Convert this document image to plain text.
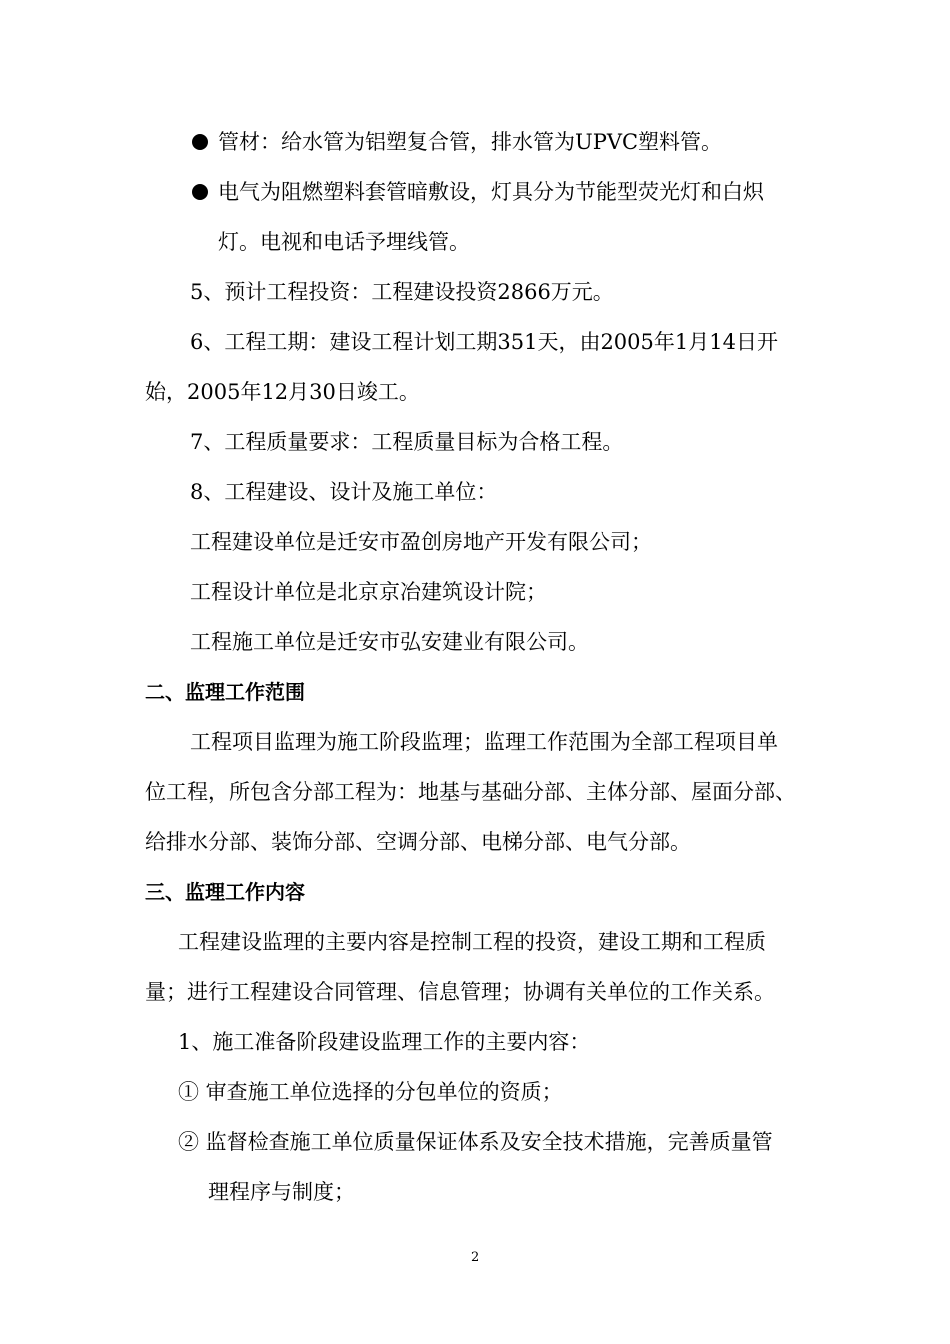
管材：给水管为铝塑复合管，排水管为UPVC塑料管。
电气为阻燃塑料套管暗敷设，灯具分为节能型荧光灯和白炽
灯。电视和电话予埋线管。
5、预计工程投资：工程建设投资2866万元。
6、工程工期：建设工程计划工期351天，由2005年1月14日开
始，2005年12月30日竣工。
7、工程质量要求：工程质量目标为合格工程。
8、工程建设、设计及施工单位：
工程建设单位是迁安市盈创房地产开发有限公司；
工程设计单位是北京京冶建筑设计院；
工程施工单位是迁安市弘安建业有限公司。
二、监理工作范围
工程项目监理为施工阶段监理；监理工作范围为全部工程项目单
位工程，所包含分部工程为：地基与基础分部、主体分部、屋面分部、
给排水分部、装饰分部、空调分部、电梯分部、电气分部。
三、监理工作内容
工程建设监理的主要内容是控制工程的投资，建设工期和工程质
量；进行工程建设合同管理、信息管理；协调有关单位的工作关系。
1、施工准备阶段建设监理工作的主要内容：
① 审查施工单位选择的分包单位的资质；
② 监督检查施工单位质量保证体系及安全技术措施，完善质量管
理程序与制度；
2
